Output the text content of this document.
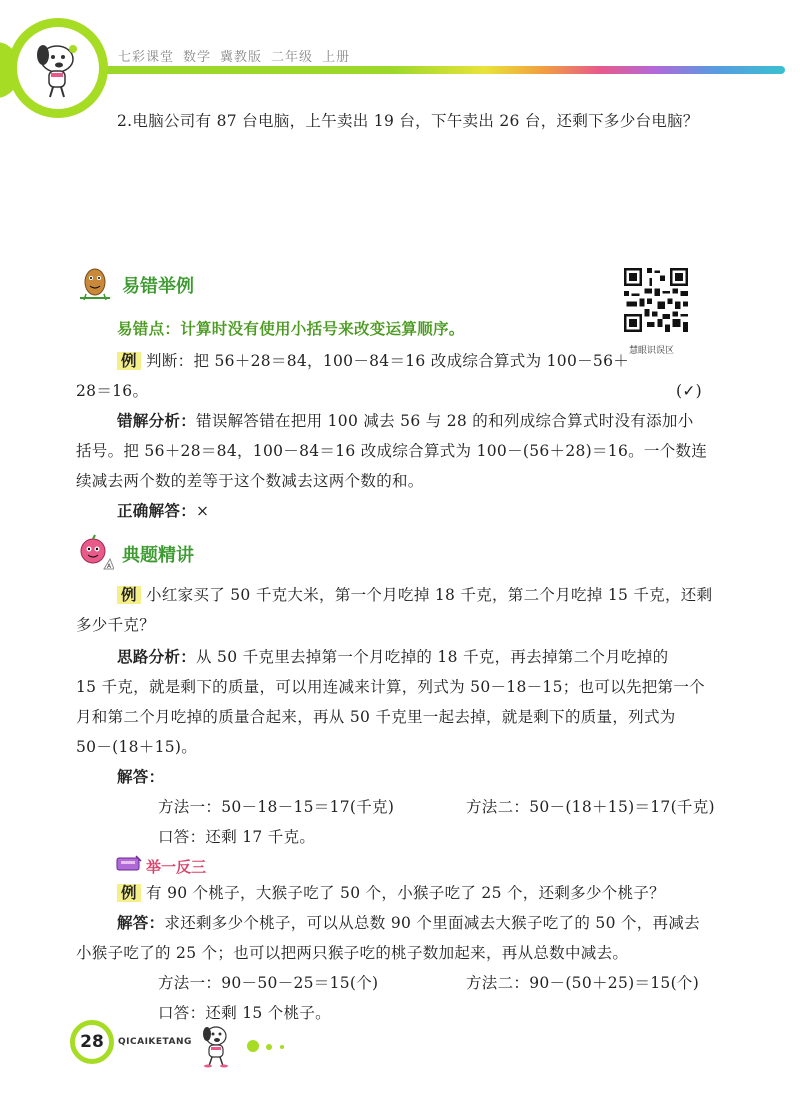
七彩课堂 数学 冀教版 二年级 上册
2.电脑公司有 87 台电脑，上午卖出 19 台，下午卖出 26 台，还剩下多少台电脑？
易错举例
慧眼识误区
易错点：计算时没有使用小括号来改变运算顺序。
例 判断：把 56＋28＝84，100－84＝16 改成综合算式为 100－56＋
28＝16。	(✓)
错解分析：错误解答错在把用 100 减去 56 与 28 的和列成综合算式时没有添加小
括号。把 56＋28＝84，100－84＝16 改成综合算式为 100－(56＋28)＝16。一个数连
续减去两个数的差等于这个数减去这两个数的和。
正确解答：×
A
典题精讲
例 小红家买了 50 千克大米，第一个月吃掉 18 千克，第二个月吃掉 15 千克，还剩
多少千克？
思路分析：从 50 千克里去掉第一个月吃掉的 18 千克，再去掉第二个月吃掉的
15 千克，就是剩下的质量，可以用连减来计算，列式为 50－18－15；也可以先把第一个
月和第二个月吃掉的质量合起来，再从 50 千克里一起去掉，就是剩下的质量，列式为
50－(18＋15)。
解答：
方法一：50－18－15＝17(千克)	方法二：50－(18＋15)＝17(千克)
口答：还剩 17 千克。
举一反三
例 有 90 个桃子，大猴子吃了 50 个，小猴子吃了 25 个，还剩多少个桃子？
解答：求还剩多少个桃子，可以从总数 90 个里面减去大猴子吃了的 50 个，再减去
小猴子吃了的 25 个；也可以把两只猴子吃的桃子数加起来，再从总数中减去。
方法一：90－50－25＝15(个)	方法二：90－(50＋25)＝15(个)
口答：还剩 15 个桃子。
28	QICAIKETANG
